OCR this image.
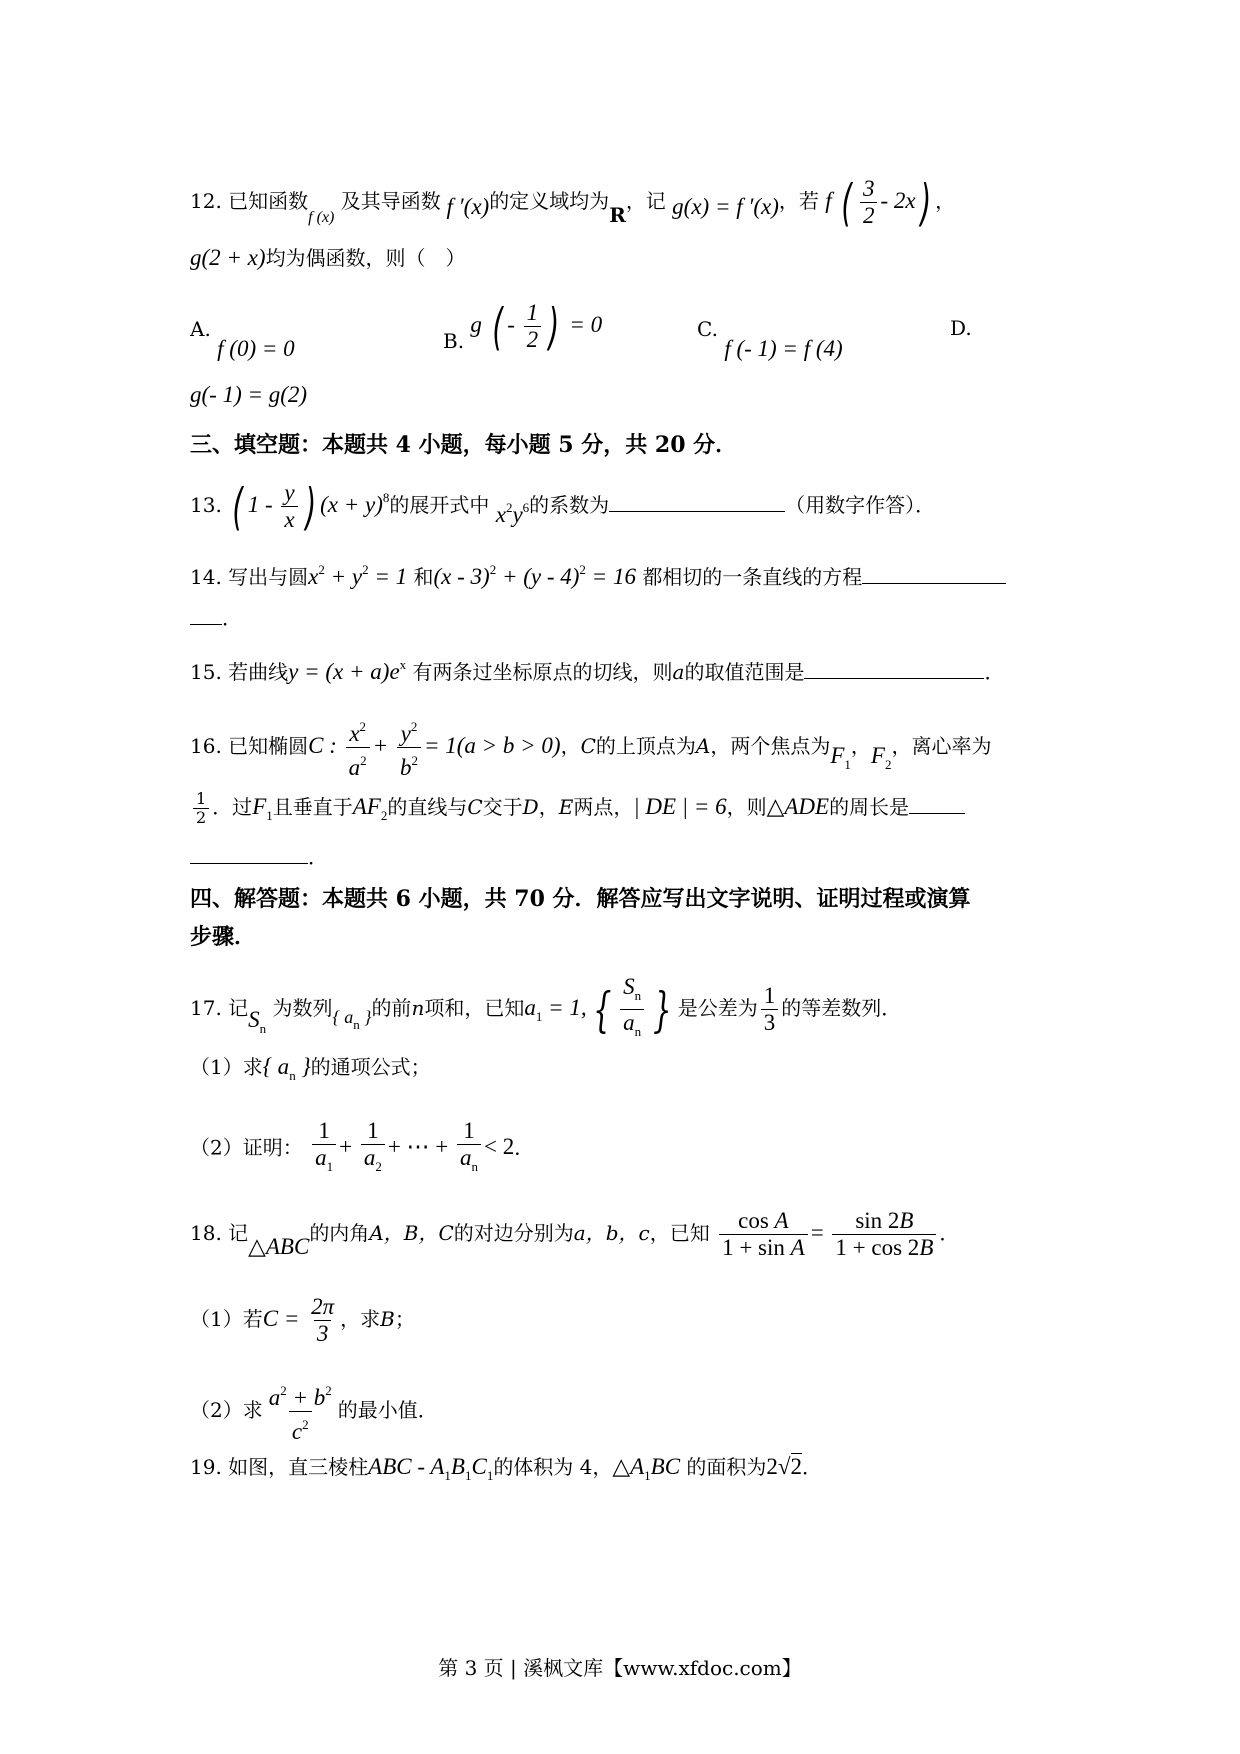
12. 已知函数$_{f (x)}$ 及其导函数 f ′(x)的定义域均为R，记 g(x) = f ′(x)，若 f ( $\frac{3}{2} - 2x$) ，
g(2 + x)均为偶函数，则（　）
A. f (0) = 0	B. g ( - $\frac{1}{2}$ ) = 0	C. f (- 1) = f (4)
D.
g(- 1) = g(2)
三、填空题：本题共 4 小题，每小题 5 分，共 20 分．
13. ( $1 - \frac{y}{x}$ ) $(x + y)^8$的展开式中 $x^2y^6$的系数为	（用数字作答）．
14. 写出与圆$x^2 + y^2 = 1$ 和(x - 3)$^2$ + (y - 4)$^2$ = 16 都相切的一条直线的方程
．
15. 若曲线$y = (x + a)e^x$ 有两条过坐标原点的切线，则a的取值范围是	．
16. 已知椭圆C : $\frac{x^2}{a^2} + \frac{y^2}{b^2} = 1(a > b > 0)$，C的上顶点为A，两个焦点为$F_1$，$F_2$，离心率为
$\frac{1}{2}$ ．过$F_1$且垂直于$AF_2$的直线与C交于D，E两点，| DE | = 6，则△ADE的周长是
．
四、解答题：本题共 6 小题，共 70 分．解答应写出文字说明、证明过程或演算
步骤．
17. 记$S_n$ 为数列{ $a_n$ }的前n项和，已知$a_1 = 1$, { $\frac{S_n}{a_n}$ } 是公差为 $\frac{1}{3}$ 的等差数列．
（1）求{ $a_n$ }的通项公式；
（2）证明： $\frac{1}{a_1} + \frac{1}{a_2}$ + ⋯ + $\frac{1}{a_n} < 2$．
18. 记△ABC的内角A，B，C的对边分别为a，b，c，已知 $\frac{\text{cos A}}{\text{1 + sin A}} = \frac{\sin 2B}{1 + \cos 2B}$ ．
（1）若$C = \frac{2\pi}{3}$ ，求B；
（2）求 $\frac{a^2 + b^2}{c^2}$ 的最小值．
19. 如图，直三棱柱ABC - $A_1B_1C_1$的体积为 4，$\triangle A_1BC$ 的面积为2√2．
第 3 页 | 溪枫文库【www.xfdoc.com】
